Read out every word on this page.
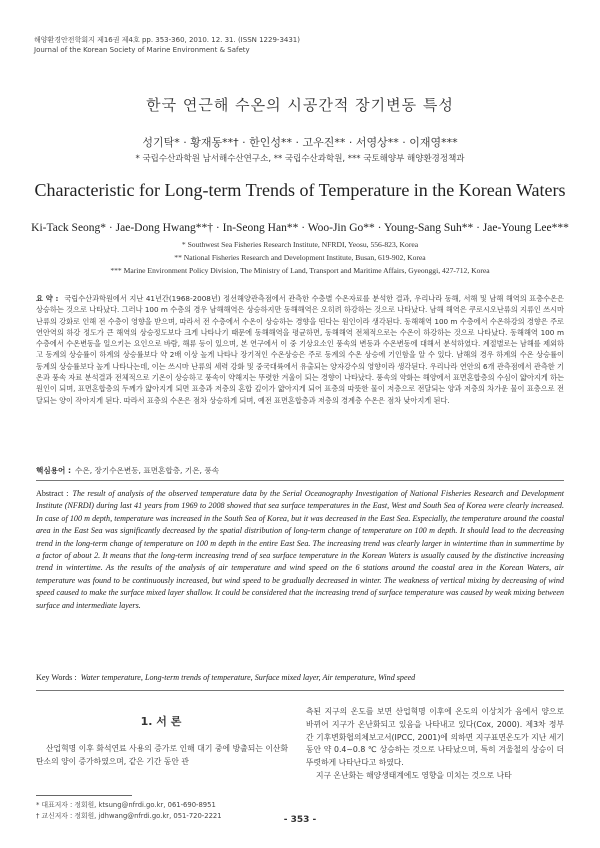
해양환경안전학회지 제16권 제4호 pp. 353-360, 2010. 12. 31. (ISSN 1229-3431)
Journal of the Korean Society of Marine Environment & Safety
한국 연근해 수온의 시공간적 장기변동 특성
성기탁* · 황재동**† · 한인성** · 고우진** · 서영상** · 이재영***
* 국립수산과학원 남서해수산연구소, ** 국립수산과학원, *** 국토해양부 해양환경정책과
Characteristic for Long-term Trends of Temperature in the Korean Waters
Ki-Tack Seong* · Jae-Dong Hwang**† · In-Seong Han** · Woo-Jin Go** · Young-Sang Suh** · Jae-Young Lee***
* Southwest Sea Fisheries Research Institute, NFRDI, Yeosu, 556-823, Korea
** National Fisheries Research and Development Institute, Busan, 619-902, Korea
*** Marine Environment Policy Division, The Ministry of Land, Transport and Maritime Affairs, Gyeonggi, 427-712, Korea
요 약 : 국립수산과학원에서 지난 41년간(1968-2008년) 정선해양관측점에서 관측한 수층별 수온자료를 분석한 결과, 우리나라 동해, 서해 및 남해 해역의 표층수온은 상승하는 것으로 나타났다. 그러나 100 m 수층의 경우 남해해역은 상승하지만 동해해역은 오히려 하강하는 것으로 나타났다. 남해 해역은 쿠로시오난류의 지류인 쓰시마난류의 강화로 인해 전 수층이 영향을 받으며, 따라서 전 수층에서 수온이 상승하는 경향을 띤다는 원인이라 생각된다. 동해해역 100 m 수층에서 수온하강의 경향은 주로 연안역의 하강 정도가 큰 해역의 상승정도보다 크게 나타나기 때문에 동해해역을 평균하면, 동해해역 전체적으로는 수온이 하강하는 것으로 나타났다. 동해해역 100 m 수층에서 수온변동을 일으키는 요인으로 바람, 해류 등이 있으며, 본 연구에서 이 중 기상요소인 풍속의 변동과 수온변동에 대해서 분석하였다. 계절별로는 남해를 제외하고 동계의 상승률이 하계의 상승률보다 약 2배 이상 높게 나타나 장기적인 수온상승은 주로 동계의 수온 상승에 기인함을 알 수 있다. 남해의 경우 하계의 수온 상승률이 동계의 상승률보다 높게 나타나는데, 이는 쓰시마 난류의 세력 강화 및 중국대륙에서 유출되는 양자강수의 영향이라 생각된다. 우리나라 연안의 6개 관측점에서 관측한 기온과 풍속 자료 분석결과 전체적으로 기온이 상승하고 풍속이 약해지는 뚜렷한 겨울이 되는 경향이 나타났다. 풍속의 약화는 해양에서 표면혼합층의 수심이 얇아지게 하는 원인이 되며, 표면혼합층의 두께가 얇아지게 되면 표층과 저층의 혼합 깊이가 얇아지게 되어 표층의 따뜻한 물이 저층으로 전달되는 양과 저층의 차가운 물이 표층으로 전달되는 양이 작아지게 된다. 따라서 표층의 수온은 점차 상승하게 되며, 예전 표면혼합층과 저층의 경계층 수온은 점차 낮아지게 된다.
핵심용어 : 수온, 장기수온변동, 표면혼합층, 기온, 풍속
Abstract : The result of analysis of the observed temperature data by the Serial Oceanography Investigation of National Fisheries Research and Development Institute (NFRDI) during last 41 years from 1969 to 2008 showed that sea surface temperatures in the East, West and South Sea of Korea were clearly increased. In case of 100 m depth, temperature was increased in the South Sea of Korea, but it was decreased in the East Sea. Especially, the temperature around the coastal area in the East Sea was significantly decreased by the spatial distribution of long-term change of temperature on 100 m depth. It should lead to the decreasing trend in the long-term change of temperature on 100 m depth in the entire East Sea. The increasing trend was clearly larger in wintertime than in summertime by a factor of about 2. It means that the long-term increasing trend of sea surface temperature in the Korean Waters is usually caused by the distinctive increasing trend in wintertime. As the results of the analysis of air temperature and wind speed on the 6 stations around the coastal area in the Korean Waters, air temperature was found to be continuously increased, but wind speed to be gradually decreased in winter. The weakness of vertical mixing by decreasing of wind speed caused to make the surface mixed layer shallow. It could be considered that the increasing trend of surface temperature was caused by weak mixing between surface and intermediate layers.
Key Words : Water temperature, Long-term trends of temperature, Surface mixed layer, Air temperature, Wind speed
1. 서 론
산업혁명 이후 화석연료 사용의 증가로 인해 대기 중에 방출되는 이산화탄소의 양이 증가하였으며, 같은 기간 동안 관

측된 지구의 온도를 보면 산업혁명 이후에 온도의 이상치가 음에서 양으로 바뀌어 지구가 온난화되고 있음을 나타내고 있다(Cox, 2000). 제3차 정부 간 기후변화협의체보고서(IPCC, 2001)에 의하면 지구표면온도가 지난 세기 동안 약 0.4~0.8 ℃ 상승하는 것으로 나타났으며, 특히 겨울철의 상승이 더 뚜렷하게 나타난다고 하였다.

지구 온난화는 해양생태계에도 영향을 미치는 것으로 나타

* 대표저자 : 정회원, ktsung@nfrdi.go.kr, 061-690-8951
† 교신저자 : 정회원, jdhwang@nfrdi.go.kr, 051-720-2221	- 353 -
